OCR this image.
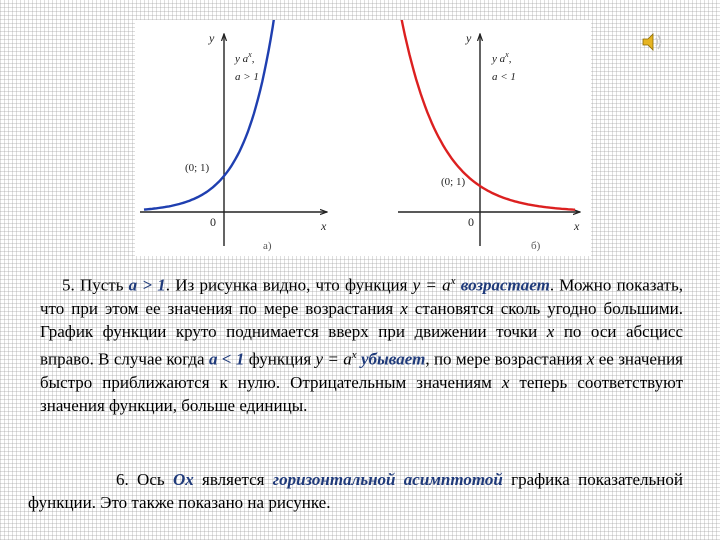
y
x
0
y $a^x$,
a > 1
(0; 1)
а)
y
x
0
y $a^x$,
a < 1
(0; 1)
б)

5. Пусть a > 1. Из рисунка видно, что функция $y = a^x$ возрастает. Можно показать, что при этом ее значения по мере возрастания x становятся сколь угодно большими. График функции круто поднимается вверх при движении точки x по оси абсцисс вправо. В случае когда a < 1 функция $y = a^x$ убывает, по мере возрастания x ее значения быстро приближаются к нулю. Отрицательным значениям x теперь соответствуют значения функции, больше единицы.

6. Ось Ox является горизонтальной асимптотой графика показательной функции. Это также показано на рисунке.
